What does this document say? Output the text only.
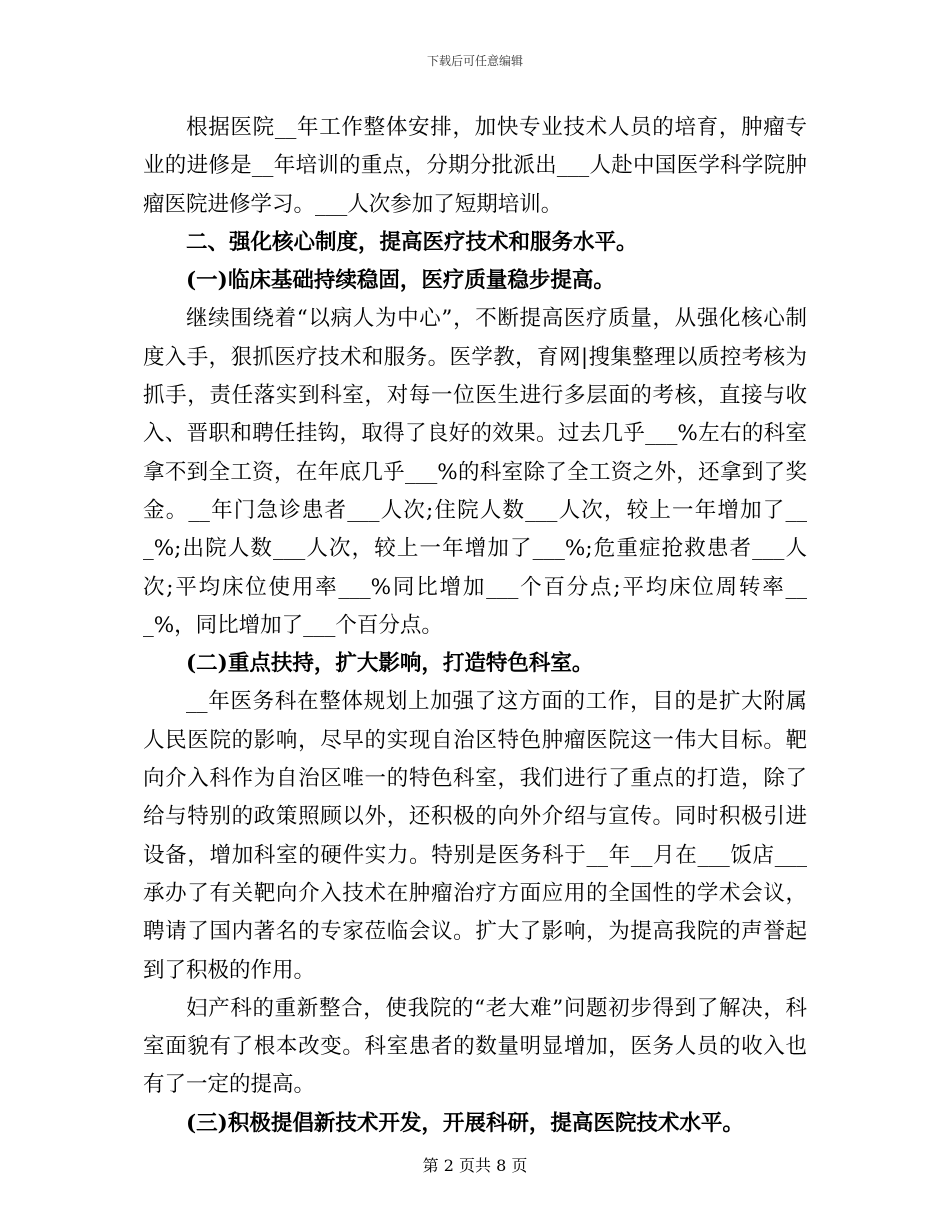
下载后可任意编辑

根据医院__年工作整体安排，加快专业技术人员的培育，肿瘤专业的进修是__年培训的重点，分期分批派出___人赴中国医学科学院肿瘤医院进修学习。___人次参加了短期培训。

二、强化核心制度，提高医疗技术和服务水平。

(一)临床基础持续稳固，医疗质量稳步提高。

继续围绕着“以病人为中心”，不断提高医疗质量，从强化核心制度入手，狠抓医疗技术和服务。医学教，育网|搜集整理以质控考核为抓手，责任落实到科室，对每一位医生进行多层面的考核，直接与收入、晋职和聘任挂钩，取得了良好的效果。过去几乎___%左右的科室拿不到全工资，在年底几乎___%的科室除了全工资之外，还拿到了奖金。__年门急诊患者___人次;住院人数___人次，较上一年增加了___%;出院人数___人次，较上一年增加了___%;危重症抢救患者___人次;平均床位使用率___%同比增加___个百分点;平均床位周转率___%，同比增加了___个百分点。

(二)重点扶持，扩大影响，打造特色科室。

__年医务科在整体规划上加强了这方面的工作，目的是扩大附属人民医院的影响，尽早的实现自治区特色肿瘤医院这一伟大目标。靶向介入科作为自治区唯一的特色科室，我们进行了重点的打造，除了给与特别的政策照顾以外，还积极的向外介绍与宣传。同时积极引进设备，增加科室的硬件实力。特别是医务科于__年__月在___饭店___承办了有关靶向介入技术在肿瘤治疗方面应用的全国性的学术会议，聘请了国内著名的专家莅临会议。扩大了影响，为提高我院的声誉起到了积极的作用。

妇产科的重新整合，使我院的“老大难”问题初步得到了解决，科室面貌有了根本改变。科室患者的数量明显增加，医务人员的收入也有了一定的提高。

(三)积极提倡新技术开发，开展科研，提高医院技术水平。

第 2 页共 8 页
